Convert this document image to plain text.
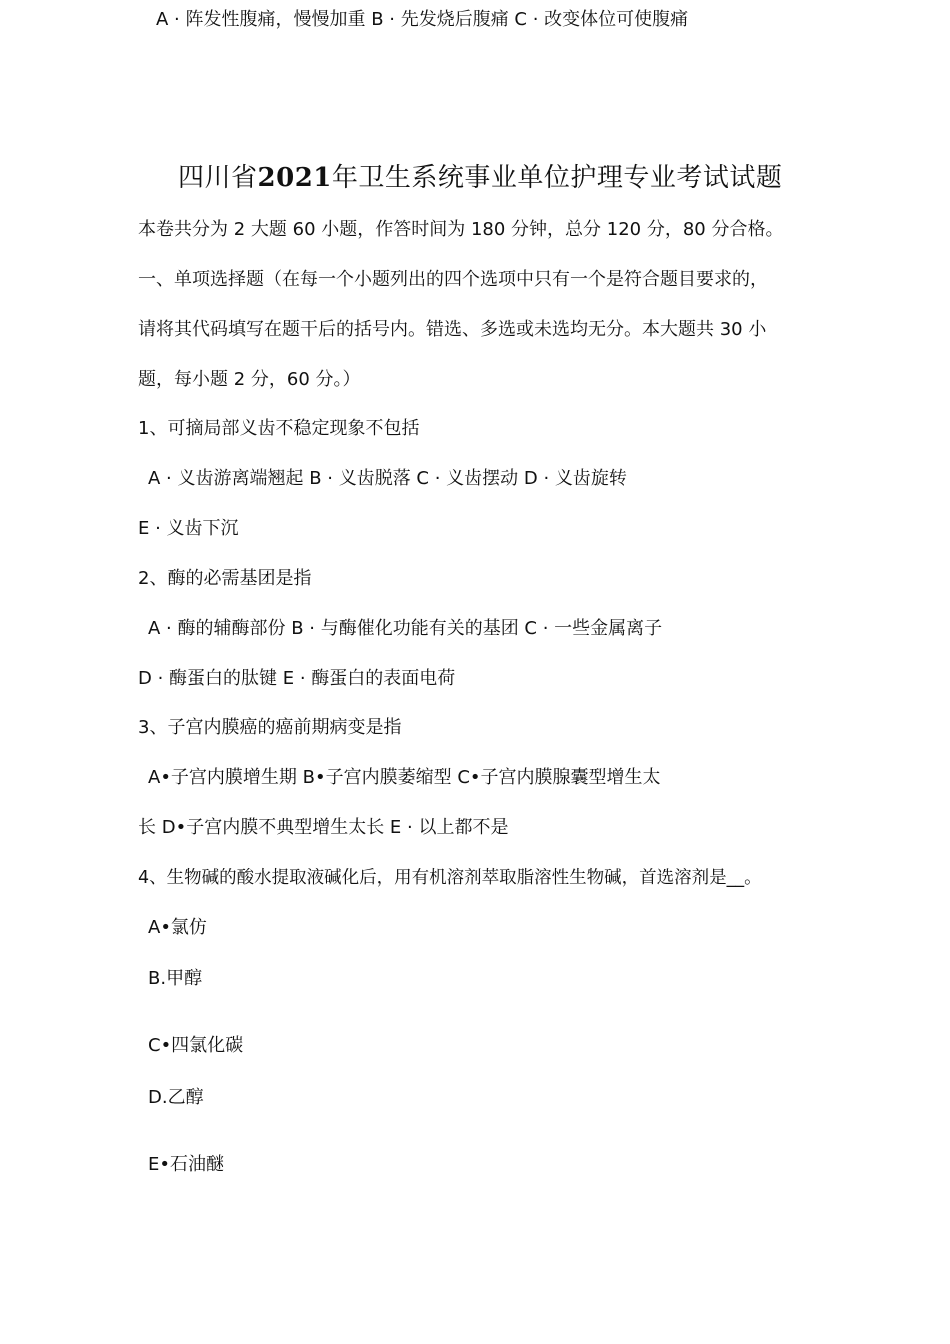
A · 阵发性腹痛，慢慢加重 B · 先发烧后腹痛 C · 改变体位可使腹痛
四川省2021年卫生系统事业单位护理专业考试试题
本卷共分为 2 大题 60 小题，作答时间为 180 分钟，总分 120 分，80 分合格。
一、单项选择题（在每一个小题列出的四个选项中只有一个是符合题目要求的，
请将其代码填写在题干后的括号内。错选、多选或未选均无分。本大题共 30 小
题，每小题 2 分，60 分。）
1、可摘局部义齿不稳定现象不包括
A · 义齿游离端翘起 B · 义齿脱落 C · 义齿摆动 D · 义齿旋转
E · 义齿下沉
2、酶的必需基团是指
A · 酶的辅酶部份 B · 与酶催化功能有关的基团 C · 一些金属离子
D · 酶蛋白的肽键 E · 酶蛋白的表面电荷
3、子宫内膜癌的癌前期病变是指
A•子宫内膜增生期 B•子宫内膜萎缩型 C•子宫内膜腺囊型增生太
长 D•子宫内膜不典型增生太长 E · 以上都不是
4、生物碱的酸水提取液碱化后，用有机溶剂萃取脂溶性生物碱，首选溶剂是__。
A•氯仿
B.甲醇
C•四氯化碳
D.乙醇
E•石油醚
